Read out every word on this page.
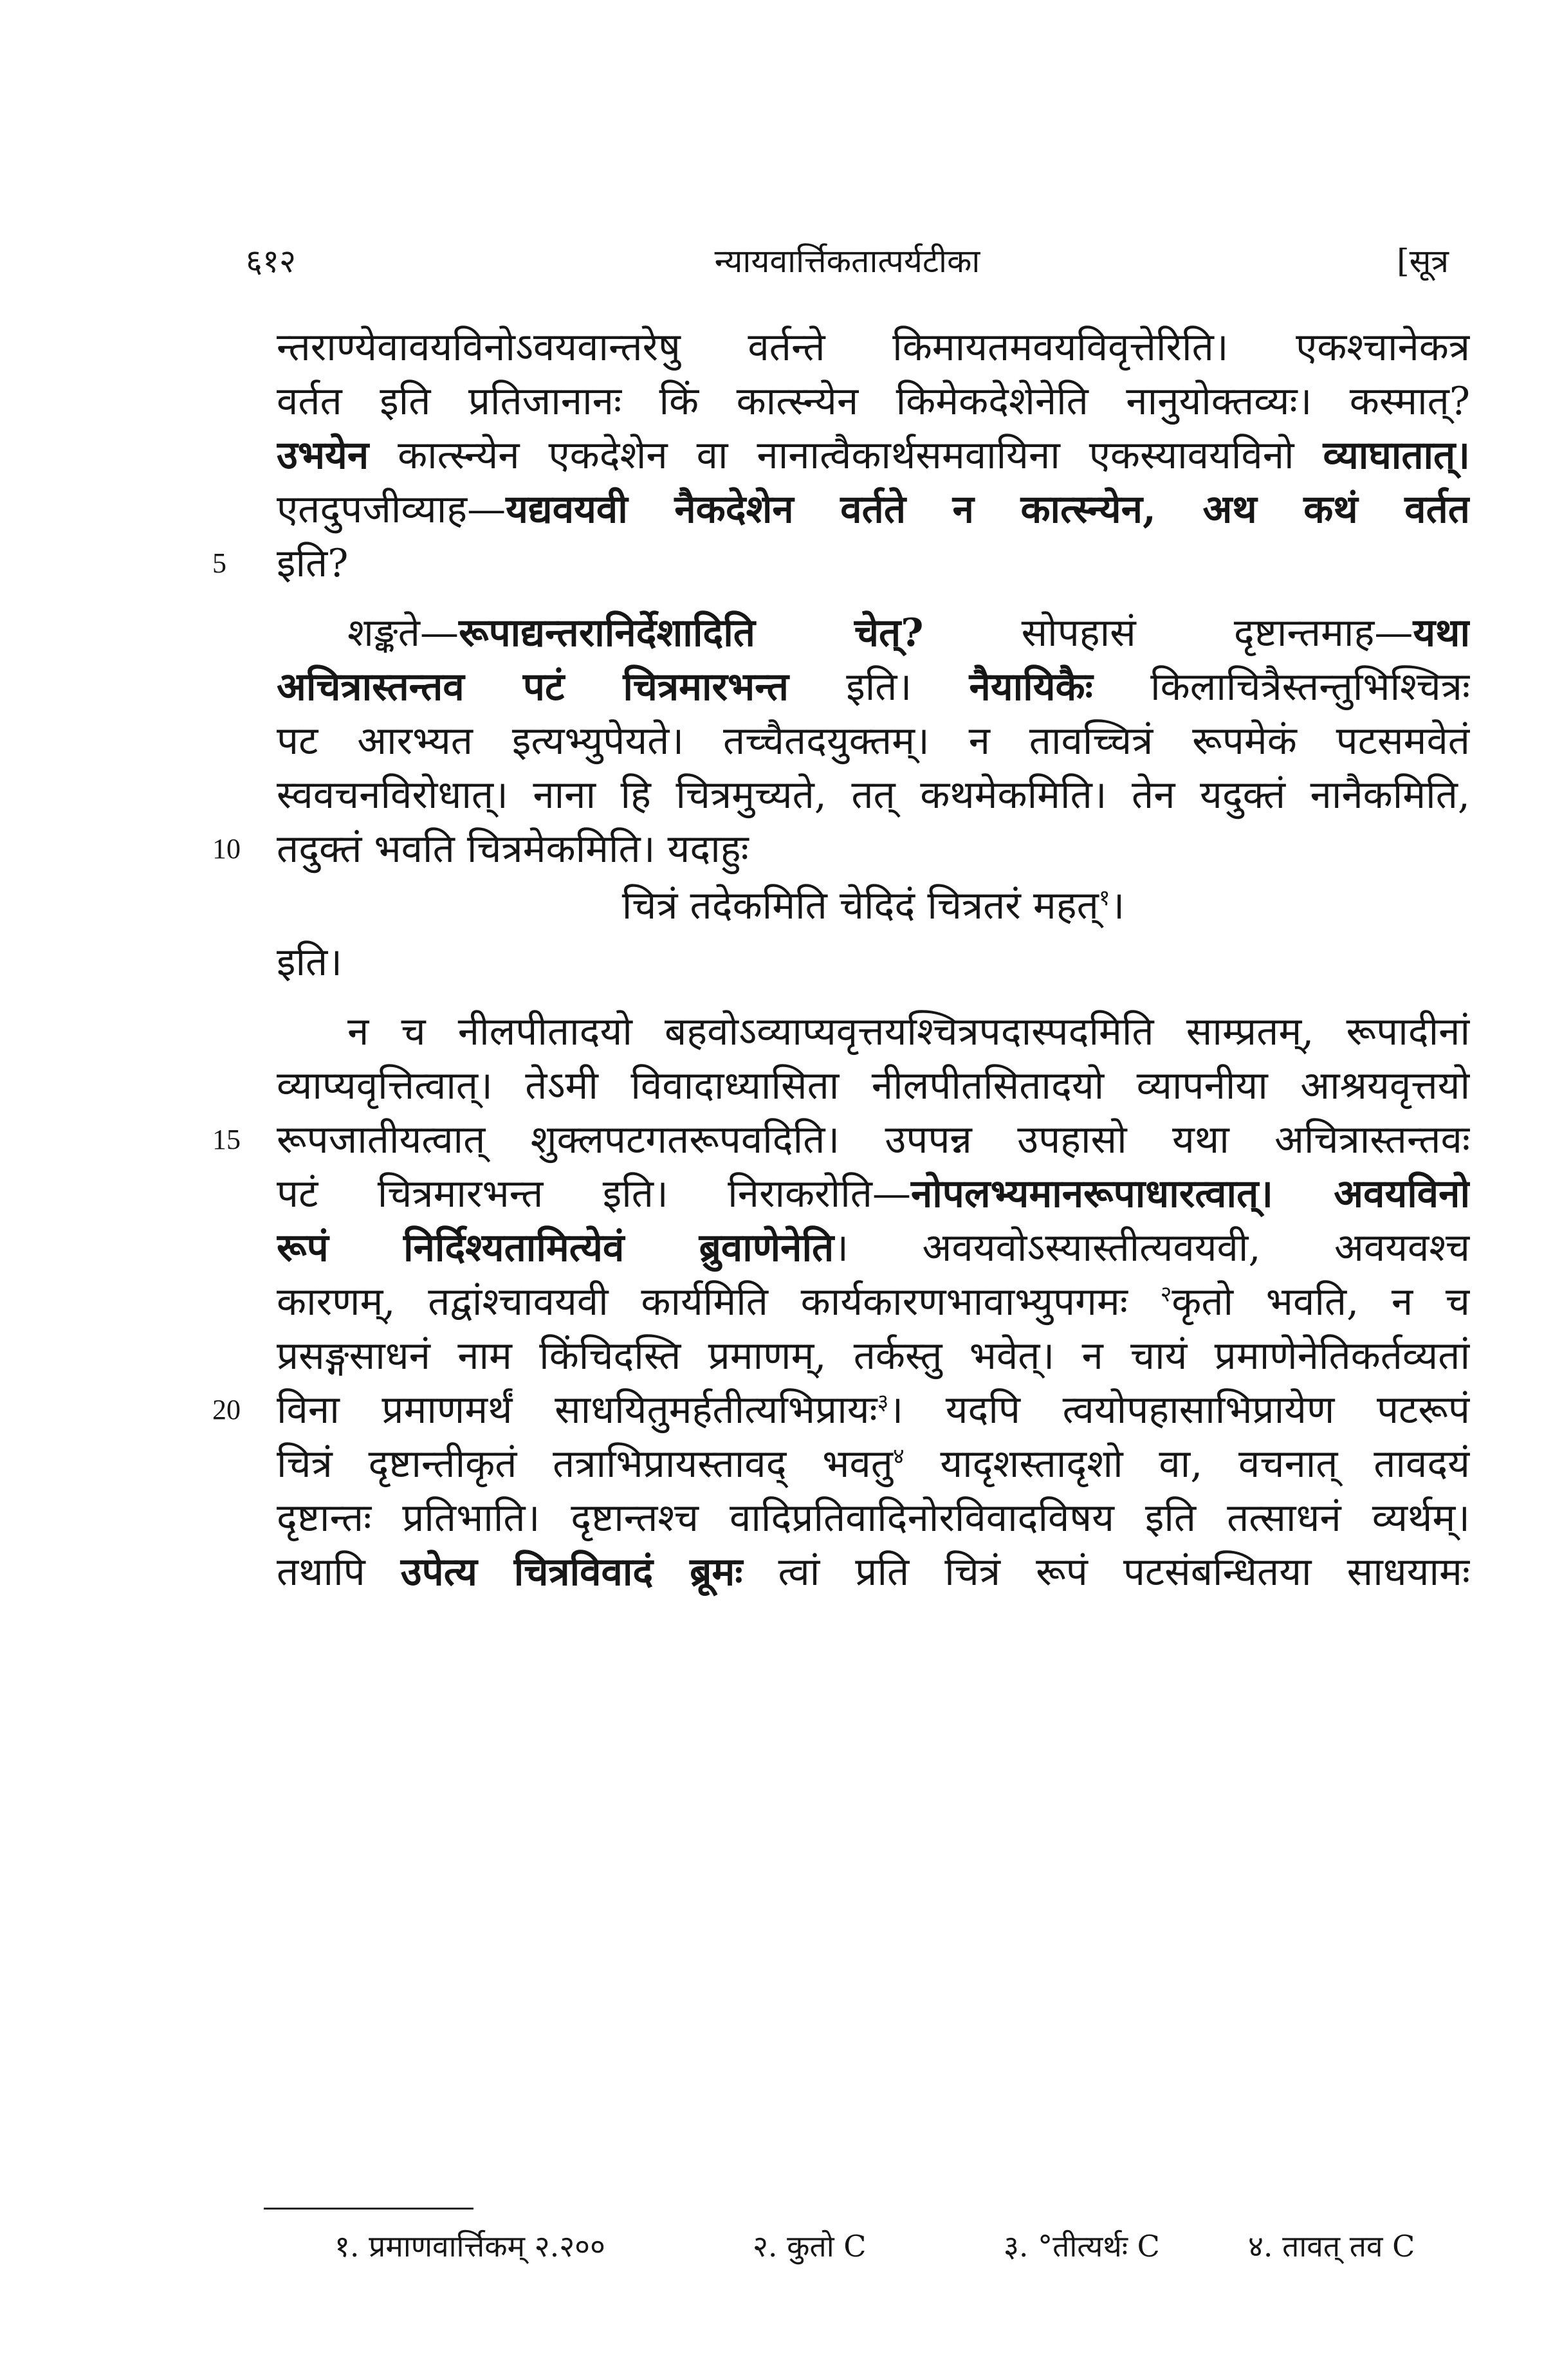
६१२	न्यायवार्त्तिकतात्पर्यटीका	[सूत्र
न्तराण्येवावयविनोऽवयवान्तरेषु वर्तन्ते किमायतमवयविवृत्तेरिति। एकश्चानेकत्र
वर्तत इति प्रतिजानानः किं कात्स्न्येन किमेकदेशेनेति नानुयोक्तव्यः। कस्मात्?
उभयेन कात्स्न्येन एकदेशेन वा नानात्वैकार्थसमवायिना एकस्यावयविनो व्याघातात्।
एतदुपजीव्याह—यद्यवयवी नैकदेशेन वर्तते न कात्स्न्येन, अथ कथं वर्तत
5 इति?
शङ्कते—रूपाद्यन्तरानिर्देशादिति चेत्? सोपहासं दृष्टान्तमाह—यथा
अचित्रास्तन्तव पटं चित्रमारभन्त इति। नैयायिकैः किलाचित्रैस्तन्तुभिश्चित्रः
पट आरभ्यत इत्यभ्युपेयते। तच्चैतदयुक्तम्। न तावच्चित्रं रूपमेकं पटसमवेतं
स्ववचनविरोधात्। नाना हि चित्रमुच्यते, तत् कथमेकमिति। तेन यदुक्तं नानैकमिति,
10 तदुक्तं भवति चित्रमेकमिति। यदाहुः
चित्रं तदेकमिति चेदिदं चित्रतरं महत्$^१$।
इति।
न च नीलपीतादयो बहवोऽव्याप्यवृत्तयश्चित्रपदास्पदमिति साम्प्रतम्, रूपादीनां
व्याप्यवृत्तित्वात्। तेऽमी विवादाध्यासिता नीलपीतसितादयो व्यापनीया आश्रयवृत्तयो
15 रूपजातीयत्वात् शुक्लपटगतरूपवदिति। उपपन्न उपहासो यथा अचित्रास्तन्तवः
पटं चित्रमारभन्त इति। निराकरोति—नोपलभ्यमानरूपाधारत्वात्। अवयविनो
रूपं निर्दिश्यतामित्येवं ब्रुवाणेनेति। अवयवोऽस्यास्तीत्यवयवी, अवयवश्च
कारणम्, तद्वांश्चावयवी कार्यमिति कार्यकारणभावाभ्युपगमः $^२$कृतो भवति, न च
प्रसङ्गसाधनं नाम किंचिदस्ति प्रमाणम्, तर्कस्तु भवेत्। न चायं प्रमाणेनेतिकर्तव्यतां
20 विना प्रमाणमर्थं साधयितुमर्हतीत्यभिप्रायः$^३$। यदपि त्वयोपहासाभिप्रायेण पटरूपं
चित्रं दृष्टान्तीकृतं तत्राभिप्रायस्तावद् भवतु$^४$ यादृशस्तादृशो वा, वचनात् तावदयं
दृष्टान्तः प्रतिभाति। दृष्टान्तश्च वादिप्रतिवादिनोरविवादविषय इति तत्साधनं व्यर्थम्।
तथापि उपेत्य चित्रविवादं ब्रूमः त्वां प्रति चित्रं रूपं पटसंबन्धितया साधयामः
१. प्रमाणवार्त्तिकम् २.२००	२. कुतो C	३. °तीत्यर्थः C	४. तावत् तव C
